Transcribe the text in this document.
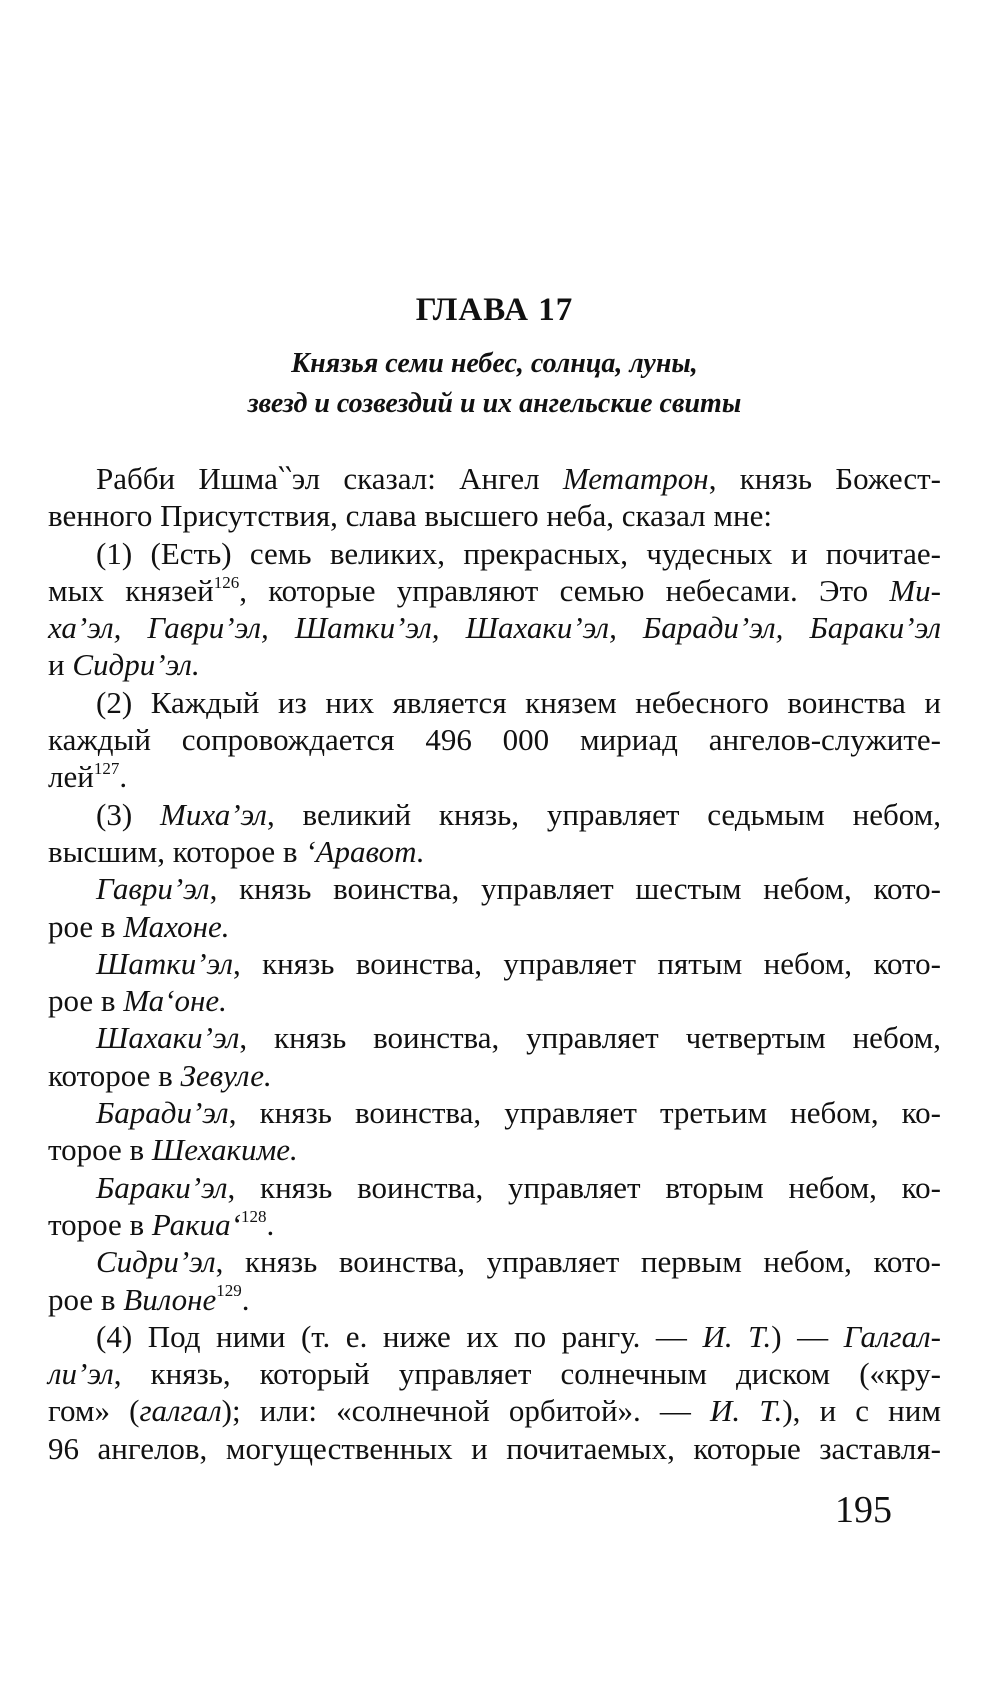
ГЛАВА 17
Князья семи небес, солнца, луны,
звезд и созвездий и их ангельские свиты
Рабби Ишма‵‵эл сказал: Ангел Метатрон, князь Божест-
венного Присутствия, слава высшего неба, сказал мне:
(1) (Есть) семь великих, прекрасных, чудесных и почитае-
мых князей$^{126}$, которые управляют семью небесами. Это Ми-
ха’эл, Гаври’эл, Шатки’эл, Шахаки’эл, Баради’эл, Бараки’эл
и Сидри’эл.
(2) Каждый из них является князем небесного воинства и
каждый сопровождается 496 000 мириад ангелов-служите-
лей$^{127}$.
(3) Миха’эл, великий князь, управляет седьмым небом,
высшим, которое в ‘Аравот.
Гаври’эл, князь воинства, управляет шестым небом, кото-
рое в Махоне.
Шатки’эл, князь воинства, управляет пятым небом, кото-
рое в Ма‘оне.
Шахаки’эл, князь воинства, управляет четвертым небом,
которое в Зевуле.
Баради’эл, князь воинства, управляет третьим небом, ко-
торое в Шехакиме.
Бараки’эл, князь воинства, управляет вторым небом, ко-
торое в Ракиа‘$^{128}$.
Сидри’эл, князь воинства, управляет первым небом, кото-
рое в Вилоне$^{129}$.
(4) Под ними (т. е. ниже их по рангу. — И. Т.) — Галгал-
ли’эл, князь, который управляет солнечным диском («кру-
гом» (галгал); или: «солнечной орбитой». — И. Т.), и с ним
96 ангелов, могущественных и почитаемых, которые заставля-
195
